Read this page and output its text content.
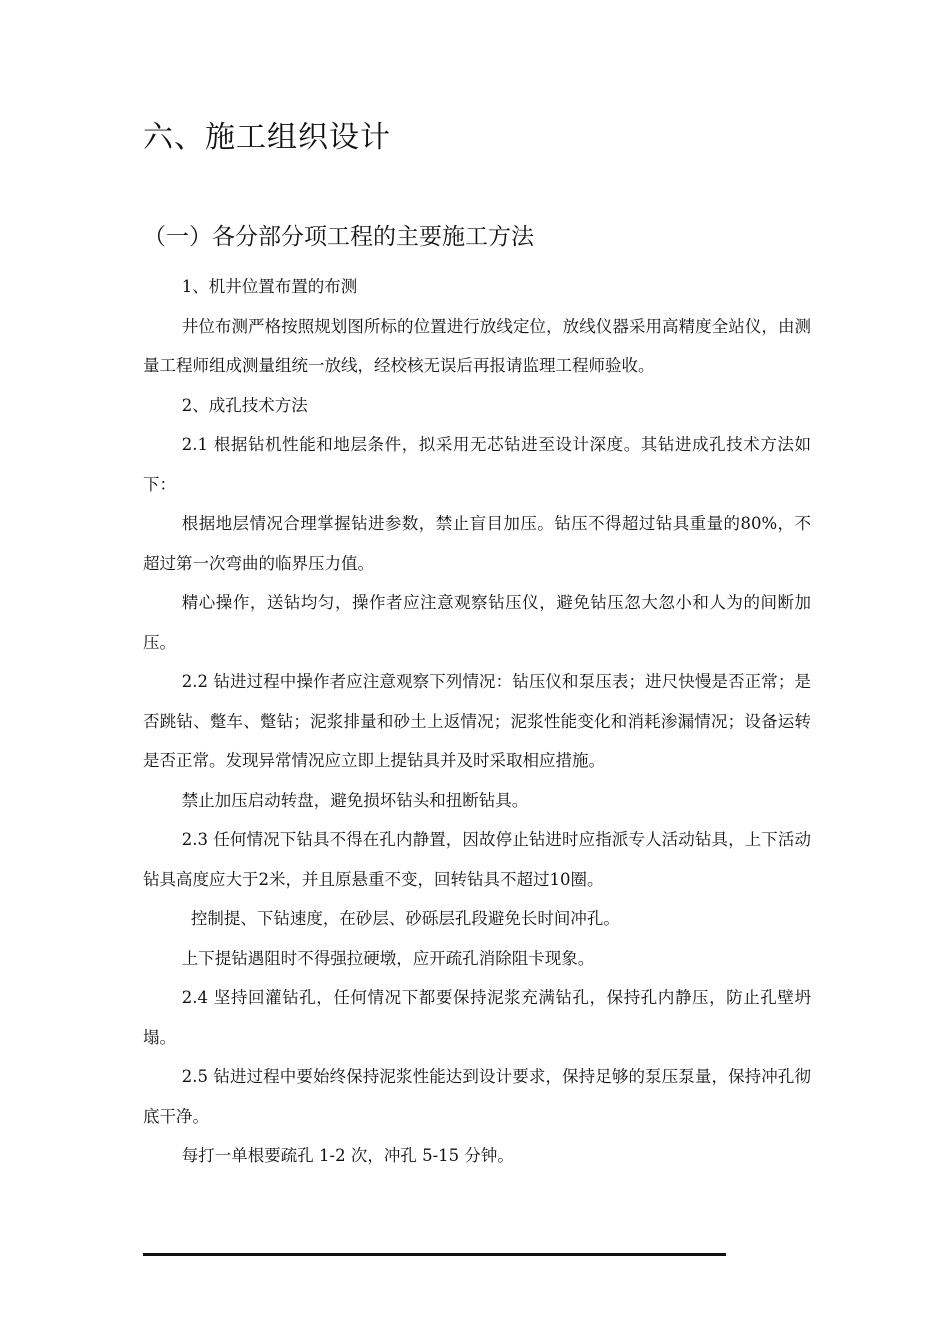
六、施工组织设计
（一）各分部分项工程的主要施工方法

1、机井位置布置的布测

井位布测严格按照规划图所标的位置进行放线定位，放线仪器采用高精度全站仪，由测量工程师组成测量组统一放线，经校核无误后再报请监理工程师验收。

2、成孔技术方法

2.1 根据钻机性能和地层条件，拟采用无芯钻进至设计深度。其钻进成孔技术方法如下：

根据地层情况合理掌握钻进参数，禁止盲目加压。钻压不得超过钻具重量的80%，不超过第一次弯曲的临界压力值。

精心操作，送钻均匀，操作者应注意观察钻压仪，避免钻压忽大忽小和人为的间断加压。

2.2 钻进过程中操作者应注意观察下列情况：钻压仪和泵压表；进尺快慢是否正常；是否跳钻、蹩车、蹩钻；泥浆排量和砂土上返情况；泥浆性能变化和消耗渗漏情况；设备运转是否正常。发现异常情况应立即上提钻具并及时采取相应措施。

禁止加压启动转盘，避免损坏钻头和扭断钻具。

2.3 任何情况下钻具不得在孔内静置，因故停止钻进时应指派专人活动钻具，上下活动钻具高度应大于2米，并且原悬重不变，回转钻具不超过10圈。

控制提、下钻速度，在砂层、砂砾层孔段避免长时间冲孔。

上下提钻遇阻时不得强拉硬墩，应开疏孔消除阻卡现象。

2.4 坚持回灌钻孔，任何情况下都要保持泥浆充满钻孔，保持孔内静压，防止孔壁坍塌。

2.5 钻进过程中要始终保持泥浆性能达到设计要求，保持足够的泵压泵量，保持冲孔彻底干净。

每打一单根要疏孔 1-2 次，冲孔 5-15 分钟。
